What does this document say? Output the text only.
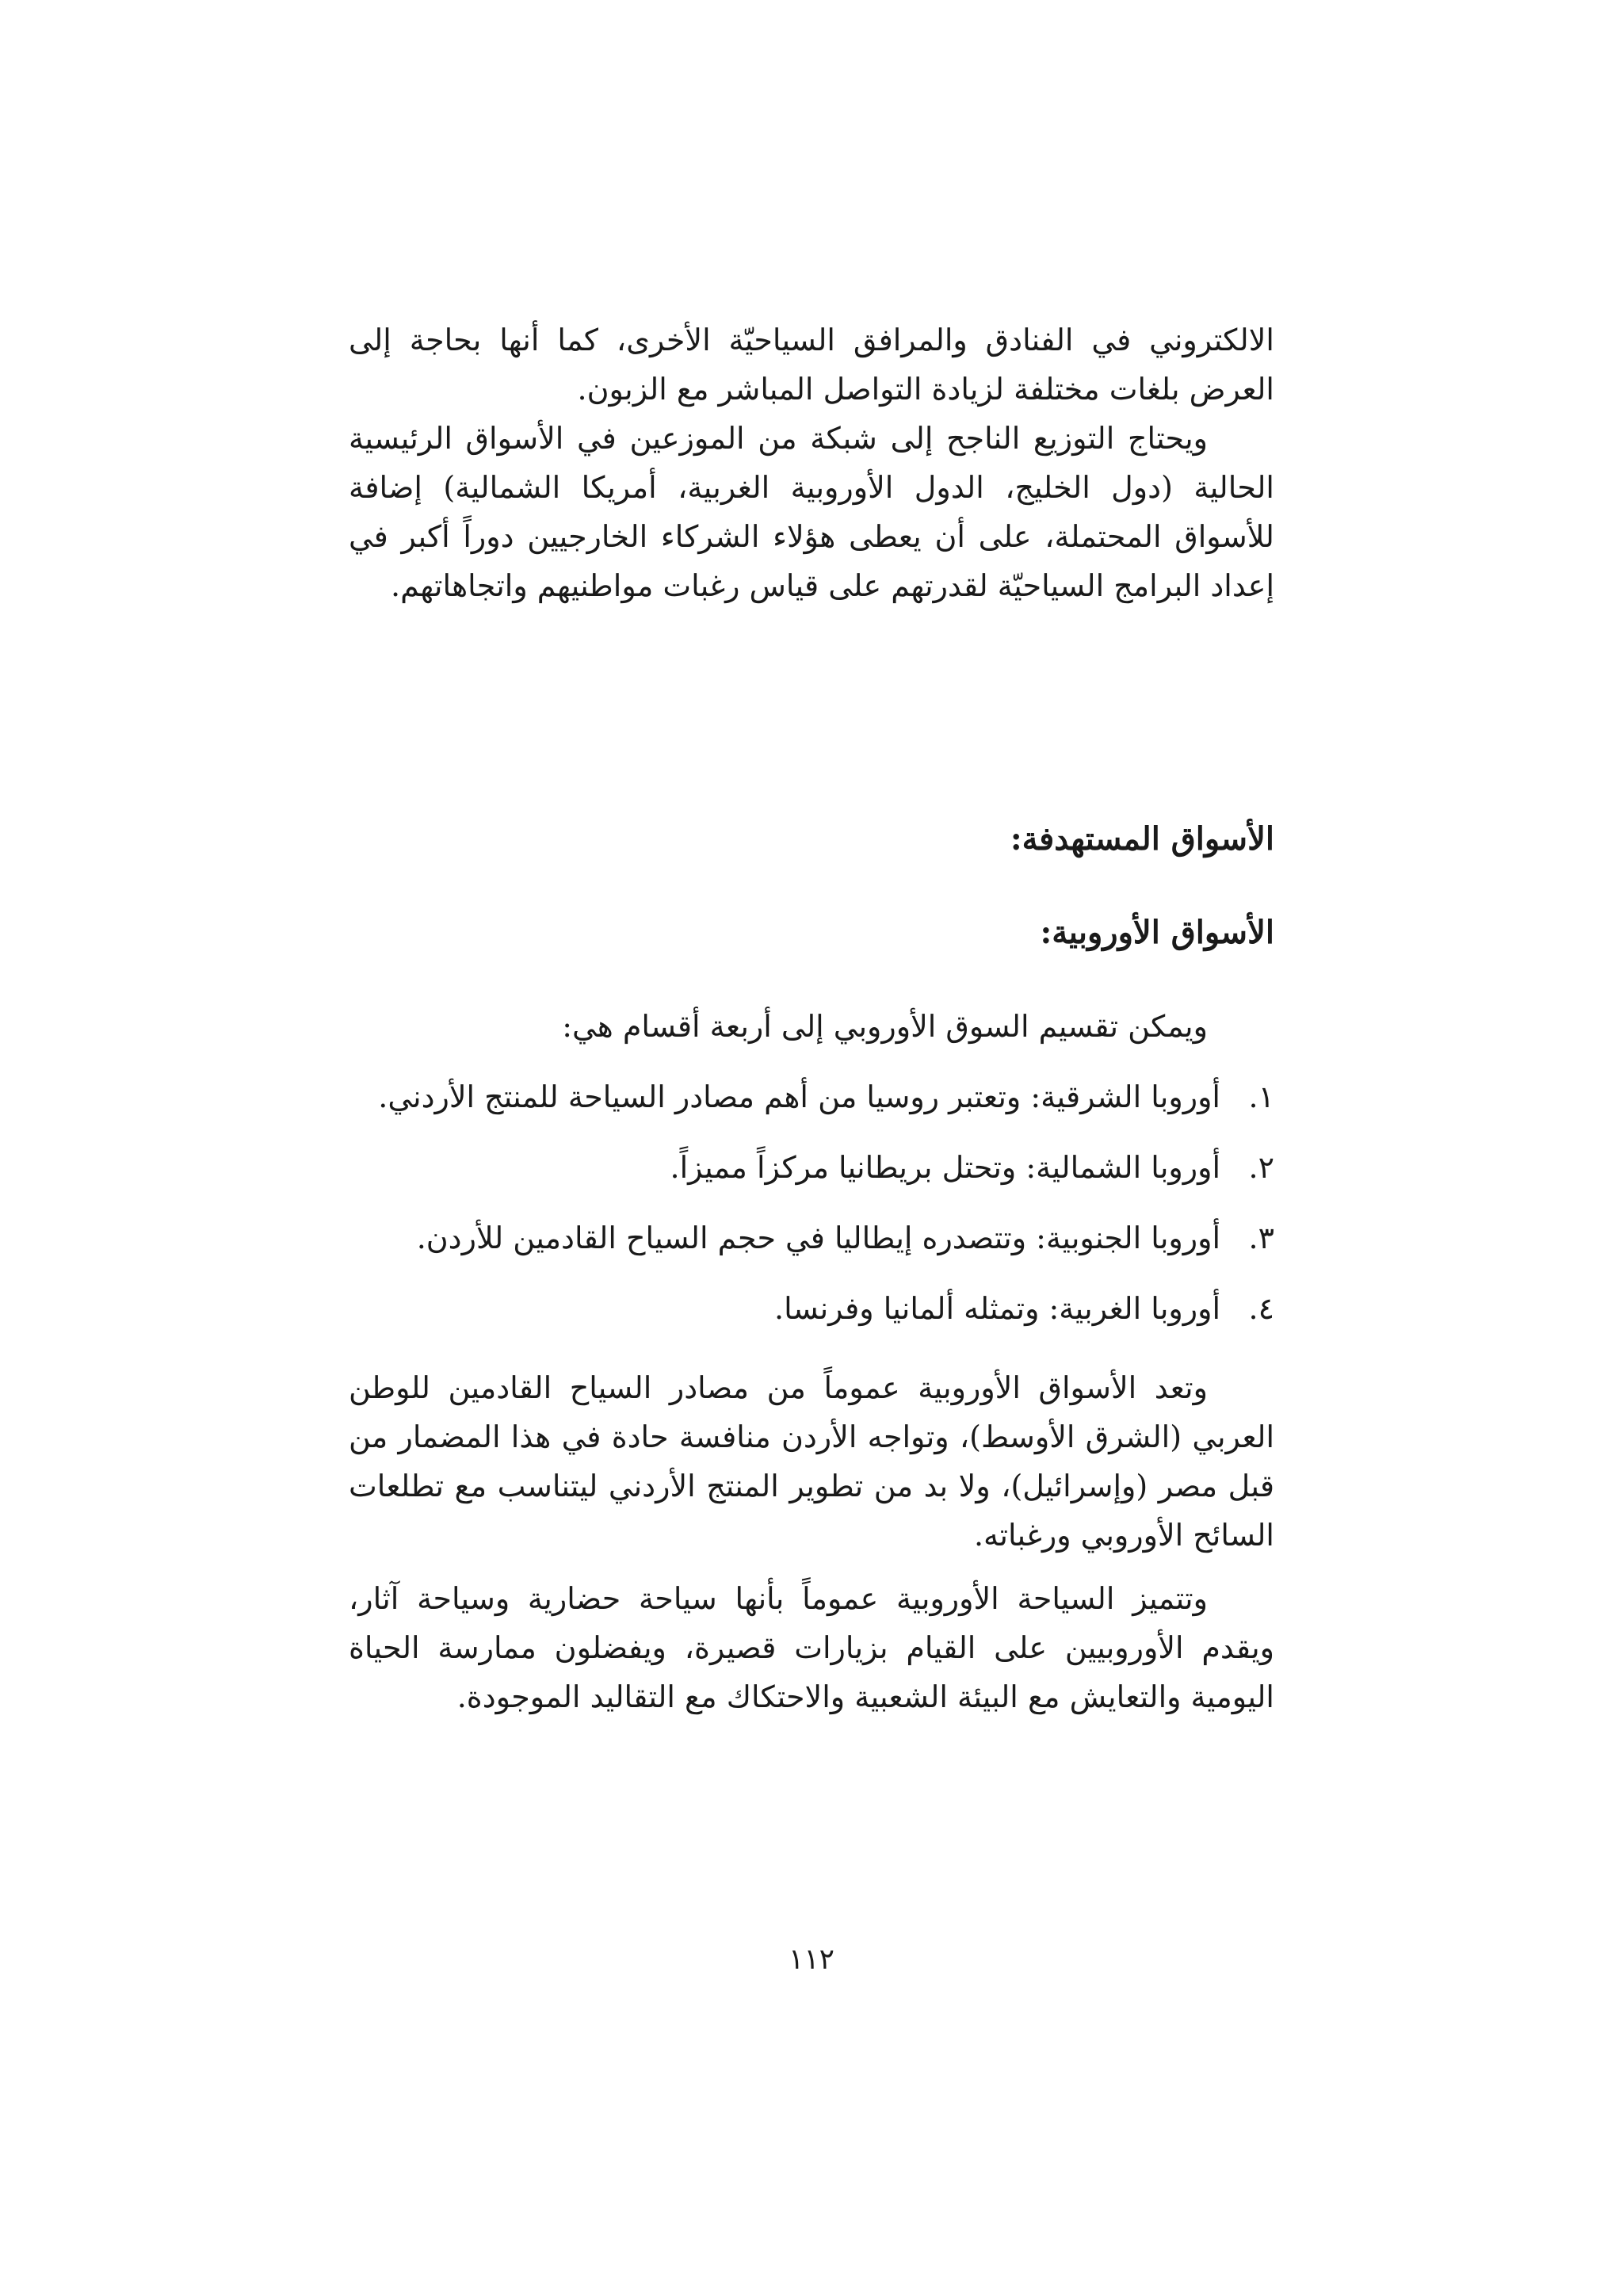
الالكتروني في الفنادق والمرافق السياحيّة الأخرى، كما أنها بحاجة إلى العرض بلغات مختلفة لزيادة التواصل المباشر مع الزبون.

ويحتاج التوزيع الناجح إلى شبكة من الموزعين في الأسواق الرئيسية الحالية (دول الخليج، الدول الأوروبية الغربية، أمريكا الشمالية) إضافة للأسواق المحتملة، على أن يعطى هؤلاء الشركاء الخارجيين دوراً أكبر في إعداد البرامج السياحيّة لقدرتهم على قياس رغبات مواطنيهم واتجاهاتهم.

الأسواق المستهدفة:
الأسواق الأوروبية:

ويمكن تقسيم السوق الأوروبي إلى أربعة أقسام هي:

١.
أوروبا الشرقية: وتعتبر روسيا من أهم مصادر السياحة للمنتج الأردني.
٢.
أوروبا الشمالية: وتحتل بريطانيا مركزاً مميزاً.
٣.
أوروبا الجنوبية: وتتصدره إيطاليا في حجم السياح القادمين للأردن.
٤.
أوروبا الغربية: وتمثله ألمانيا وفرنسا.

وتعد الأسواق الأوروبية عموماً من مصادر السياح القادمين للوطن العربي (الشرق الأوسط)، وتواجه الأردن منافسة حادة في هذا المضمار من قبل مصر (وإسرائيل)، ولا بد من تطوير المنتج الأردني ليتناسب مع تطلعات السائح الأوروبي ورغباته.

وتتميز السياحة الأوروبية عموماً بأنها سياحة حضارية وسياحة آثار، ويقدم الأوروبيين على القيام بزيارات قصيرة، ويفضلون ممارسة الحياة اليومية والتعايش مع البيئة الشعبية والاحتكاك مع التقاليد الموجودة.

١١٢
